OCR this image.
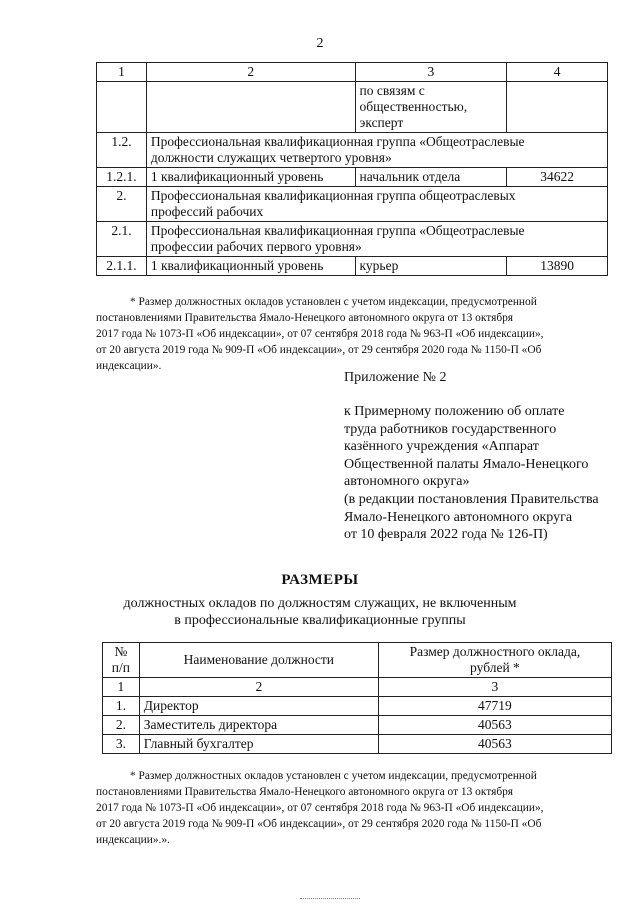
2
1	2	3	4

		по связям с
общественностью,
эксперт	

1.2.	Профессиональная квалификационная группа «Общеотраслевые
должности служащих четвертого уровня»		

1.2.1.	1 квалификационный уровень	начальник отдела	34622
2.	Профессиональная квалификационная группа общеотраслевых
профессий рабочих		

2.1.	Профессиональная квалификационная группа «Общеотраслевые
профессии рабочих первого уровня»		

2.1.1.	1 квалификационный уровень	курьер	13890
* Размер должностных окладов установлен с учетом индексации, предусмотренной
постановлениями Правительства Ямало-Ненецкого автономного округа от 13 октября
2017 года № 1073-П «Об индексации», от 07 сентября 2018 года № 963-П «Об индексации»,
от 20 августа 2019 года № 909-П «Об индексации», от 29 сентября 2020 года № 1150-П «Об
индексации».
Приложение № 2
к Примерному положению об оплате
труда работников государственного
казённого учреждения «Аппарат
Общественной палаты Ямало-Ненецкого
автономного округа»
(в редакции постановления Правительства
Ямало-Ненецкого автономного округа
от 10 февраля 2022 года № 126-П)
РАЗМЕРЫ
должностных окладов по должностям служащих, не включенным
в профессиональные квалификационные группы
№
п/п	Наименование должности	Размер должностного оклада,
рублей *

1	2	3
1.	Директор	47719
2.	Заместитель директора	40563
3.	Главный бухгалтер	40563
* Размер должностных окладов установлен с учетом индексации, предусмотренной
постановлениями Правительства Ямало-Ненецкого автономного округа от 13 октября
2017 года № 1073-П «Об индексации», от 07 сентября 2018 года № 963-П «Об индексации»,
от 20 августа 2019 года № 909-П «Об индексации», от 29 сентября 2020 года № 1150-П «Об
индексации».».
